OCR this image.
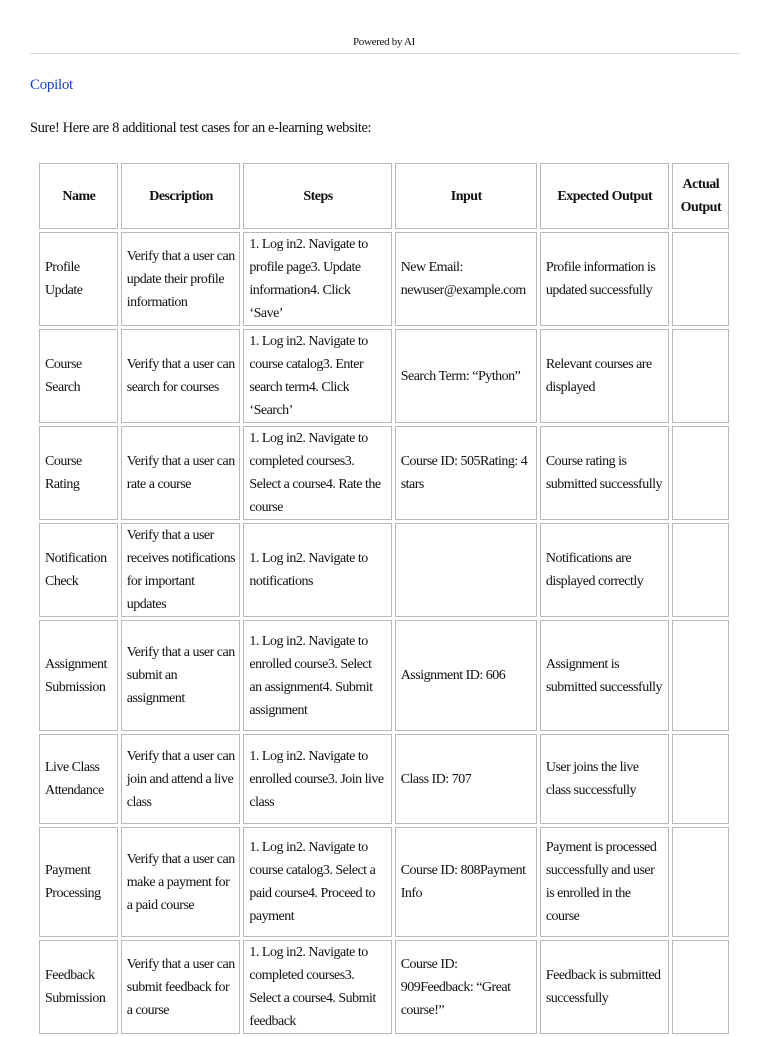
Powered by AI
Copilot
Sure! Here are 8 additional test cases for an e-learning website:
Name	Description	Steps	Input	Expected Output	Actual Output
Profile Update	Verify that a user can update their profile information	1. Log in2. Navigate to profile page3. Update information4. Click ‘Save’	New Email: newuser@example.com	Profile information is updated successfully	
Course Search	Verify that a user can search for courses	1. Log in2. Navigate to course catalog3. Enter search term4. Click ‘Search’	Search Term: “Python”	Relevant courses are displayed	
Course Rating	Verify that a user can rate a course	1. Log in2. Navigate to completed courses3. Select a course4. Rate the course	Course ID: 505Rating: 4 stars	Course rating is submitted successfully	
Notification Check	Verify that a user receives notifications for important updates	1. Log in2. Navigate to notifications		Notifications are displayed correctly	
Assignment Submission	Verify that a user can submit an assignment	1. Log in2. Navigate to enrolled course3. Select an assignment4. Submit assignment	Assignment ID: 606	Assignment is submitted successfully	
Live Class Attendance	Verify that a user can join and attend a live class	1. Log in2. Navigate to enrolled course3. Join live class	Class ID: 707	User joins the live class successfully	
Payment Processing	Verify that a user can make a payment for a paid course	1. Log in2. Navigate to course catalog3. Select a paid course4. Proceed to payment	Course ID: 808Payment Info	Payment is processed successfully and user is enrolled in the course	
Feedback Submission	Verify that a user can submit feedback for a course	1. Log in2. Navigate to completed courses3. Select a course4. Submit feedback	Course ID: 909Feedback: “Great course!”	Feedback is submitted successfully	
